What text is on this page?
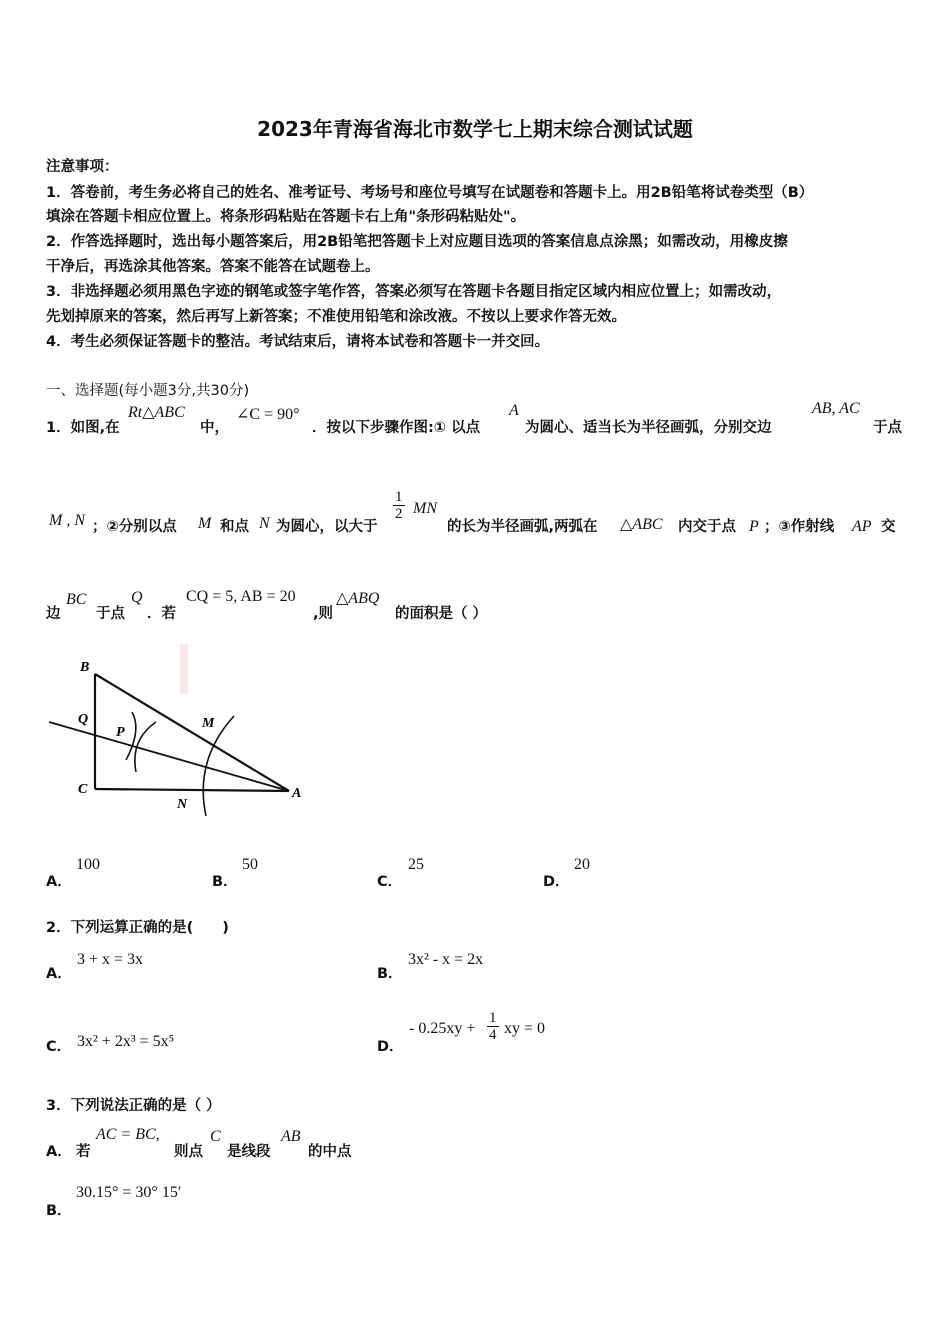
2023年青海省海北市数学七上期末综合测试试题
注意事项：
1．答卷前，考生务必将自己的姓名、准考证号、考场号和座位号填写在试题卷和答题卡上。用2B铅笔将试卷类型（B）
填涂在答题卡相应位置上。将条形码粘贴在答题卡右上角"条形码粘贴处"。
2．作答选择题时，选出每小题答案后，用2B铅笔把答题卡上对应题目选项的答案信息点涂黑；如需改动，用橡皮擦
干净后，再选涂其他答案。答案不能答在试题卷上。
3．非选择题必须用黑色字迹的钢笔或签字笔作答，答案必须写在答题卡各题目指定区域内相应位置上；如需改动，
先划掉原来的答案，然后再写上新答案；不准使用铅笔和涂改液。不按以上要求作答无效。
4．考生必须保证答题卡的整洁。考试结束后，请将本试卷和答题卡一并交回。
一、选择题(每小题3分,共30分)
1．如图,在
Rt△ABC
中，
∠C = 90°
．按以下步骤作图:① 以点
A
为圆心、适当长为半径画弧，分别交边
AB, AC
于点
M , N ；②分别以点 M 和点 N 为圆心，以大于
$\frac{1}{2}$ MN
的长为半径画弧,两弧在 △ABC 内交于点 P ；③作射线 AP 交
边
BC
于点
Q
．若
CQ = 5, AB = 20
,则
△ABQ
的面积是（ ）
B
Q
P
M
C
N
A
A．
100
B．
50
C．
25
D．
20
2．下列运算正确的是(　　)
A．
3 + x = 3x
B．
3x² - x = 2x
C． 3x² + 2x³ = 5x⁵	D．
- $0.25xy + \frac{1}{4}$ xy = 0
3．下列说法正确的是（ ）
A． 若
AC = BC,
则点
C
是线段
AB
的中点
B．
30.15° = 30° 15′
